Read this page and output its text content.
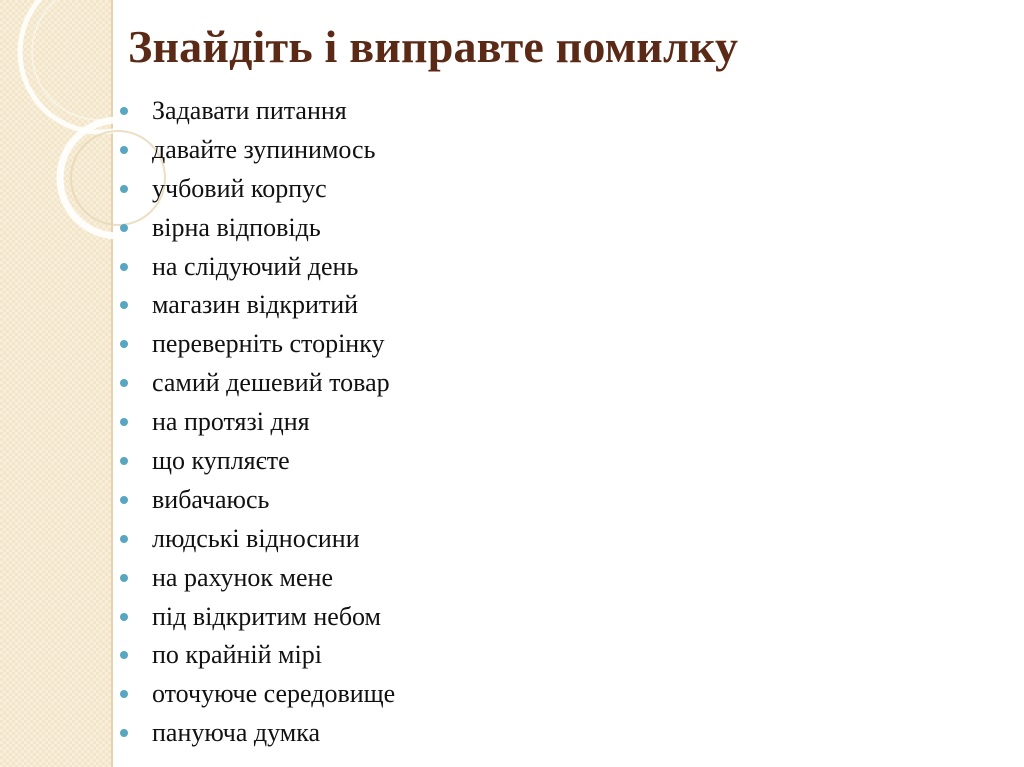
Знайдіть і виправте помилку
Задавати питання
давайте зупинимось
учбовий корпус
вірна відповідь
на слідуючий день
магазин відкритий
переверніть сторінку
самий дешевий товар
на протязі дня
що купляєте
вибачаюсь
людські відносини
на рахунок мене
під відкритим небом
по крайній мірі
оточуюче середовище
пануюча думка
